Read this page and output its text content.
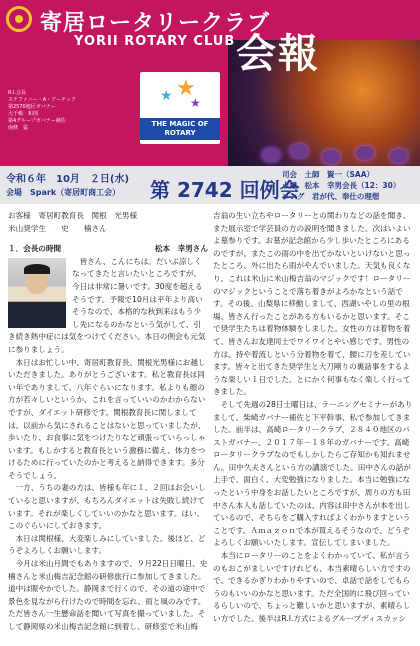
寄居ロータリークラブ
YORII ROTARY CLUB 会報
R.I.会長
ステファニー・A・アーチック
第2570地区ガバナー
大千嶋　和則
第4グループガバナー補佐
南條　猛
★
★ ★
THE MAGIC OF ROTARY
令和６年　10月　２日(水)
会場　Spark（寄居町商工会） 第 2742 回例会
司会　土師　賢一（SAA）
点鐘　松本　幸男会長（12：30）
ソング　君が代、奉仕の理想

お客様　寄居町教育長　関根　光男様
米山奨学生　　史　　楠さん

１．会長の時間	松本　幸男さん

　皆さん、こんにちは。だいぶ涼しくなってきたと言いたいところですが、今日は非常に暑いです。30度を超えるそうです。予報で10月は平年より高いそうなので、本格的な秋到来はもう少し先になるのかなという気がして、引き続き熱中症には気をつけてください。本日の例会も元気に参りましょう。

　本日はお忙しい中、寄居町教育長、関根光男様にお越しいただきました。ありがとうございます。私と教育長は同い年でありまして、八年ぐらいになります。私よりも顔の方が若々しいというか、これを言っていいのかわからないですが、ダイエット研修です。関根教育長に関しましては、以前から気にされることはないと思っていましたが、歩いたり、お食事に気をつけたりなど頑張っていらっしゃいます。もしかすると教育長という激務に備え、体力をつけるために行っていたのかと考えると納得できます。多分そうでしょう。

　一方、うちの妻の方は、皆様も年に１、２回はお会いしていると思いますが、もちろんダイエットは失敗し続けています。それが楽しくしていいのかなと思います。はい、このぐらいにしておきます。

　本日は関根様、大変楽しみにしていました。後ほど、どうぞよろしくお願いします。

　今月は米山月間でもありますので、９月22日日曜日、史楠さんと米山梅吉記念館の研修旅行に参加してきました。道中は賑やかでした。静岡まで行くので、その道の途中で景色を見ながら行けたので時間を忘れ、雨と風のみです。ただ皆さん一生懸命話を聞いて写真を撮っていました。そして静岡県の米山梅吉記念館に到着し、研修室で米山梅

吉翁の生い立ちやロータリーとの関わりなどの話を聞き、また展示室で学芸員の方の説明を聞きました。次はいよいよ墓参りです。お墓が記念館から少し歩いたところにあるのですが、またこの雨の中を出てかないといけないと思ったところ、外に出たら雨がやんでいました。天気も良くなり、これは米山に米山梅吉翁のマジックです！ロータリーのマジックということで落ち着きがよろかなという話です。その後、山梨県に移動しまして、西湖いやしの里の根場、皆さん行ったことがある方もいるかと思います。そこで奨学生たちは着物体験をしました。女性の方は着物を着て、皆さんお友達同士でワイワイとやい感じです。男性の方は、持や着流しという分着物を着て、腰に刀を差しています。皆々と出てきた奨学生と大刀剛りの裏話事をするような楽しい１日でした。とにかく何事もなく楽しく行ってきました。

　そして先週の28日土曜日は、ラーニングセミナーがありまして、柴崎ガバナー補佐と下平幹事、私で参加してきました。前半は、高崎ロータリークラブ、２８４０地区のパストガバナー、２０１７年－１８年のガバナーです。高崎ロータリークラブなのでもしかしたらご存知かも知れません。田中久夫さんという方の講演でした。田中さんの話が上手で、面白く、大変勉強になりました。本当に勉強になったという中身をお話したいところですが、周りの方も田中さん本人も話していたのは、内容は田中さんが本を出しているので、そちらをご購入すればよくわかりますということです。Ａｍａｚｏｎで本が買えるそうなので、どうぞよろしくお願いいたします。宣伝してしまいました。

　本当にロータリーのことをよくわかっていて、私が言うのもおこがましいですけれども、本当素晴らしい方ですので、できるかぎりわかりやすいので、卓話で話をしてもらうのもいいのかなと思います。ただ全国的に飛び回っているらしいので、ちょっと難しいかと思いますが、素晴らしい方でした。後半はR.I.方式によるグループディスカッシ
